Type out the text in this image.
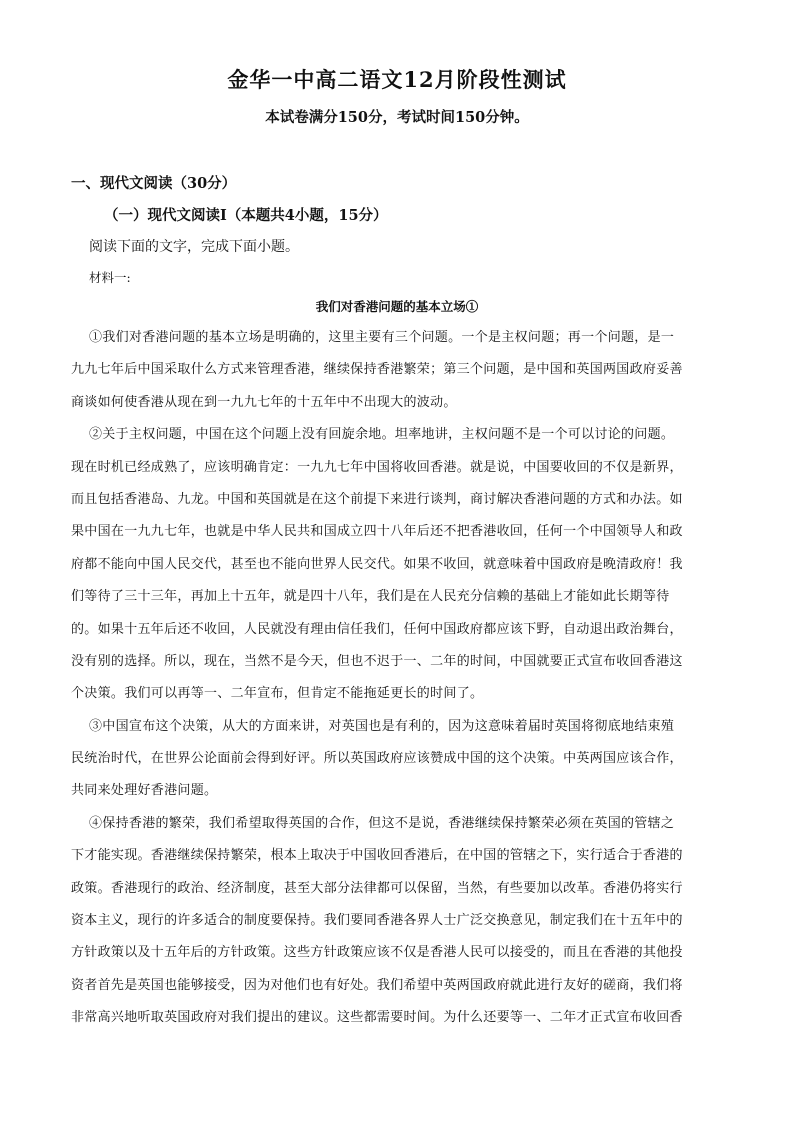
金华一中高二语文12月阶段性测试
本试卷满分150分，考试时间150分钟。
一、现代文阅读（30分）
（一）现代文阅读Ⅰ（本题共4小题，15分）
阅读下面的文字，完成下面小题。
材料一:
我们对香港问题的基本立场①
①我们对香港问题的基本立场是明确的，这里主要有三个问题。一个是主权问题；再一个问题，是一
九九七年后中国采取什么方式来管理香港，继续保持香港繁荣；第三个问题，是中国和英国两国政府妥善
商谈如何使香港从现在到一九九七年的十五年中不出现大的波动。
②关于主权问题，中国在这个问题上没有回旋余地。坦率地讲，主权问题不是一个可以讨论的问题。
现在时机已经成熟了，应该明确肯定：一九九七年中国将收回香港。就是说，中国要收回的不仅是新界，
而且包括香港岛、九龙。中国和英国就是在这个前提下来进行谈判，商讨解决香港问题的方式和办法。如
果中国在一九九七年，也就是中华人民共和国成立四十八年后还不把香港收回，任何一个中国领导人和政
府都不能向中国人民交代，甚至也不能向世界人民交代。如果不收回，就意味着中国政府是晚清政府！我
们等待了三十三年，再加上十五年，就是四十八年，我们是在人民充分信赖的基础上才能如此长期等待
的。如果十五年后还不收回，人民就没有理由信任我们，任何中国政府都应该下野，自动退出政治舞台，
没有别的选择。所以，现在，当然不是今天，但也不迟于一、二年的时间，中国就要正式宣布收回香港这
个决策。我们可以再等一、二年宣布，但肯定不能拖延更长的时间了。
③中国宣布这个决策，从大的方面来讲，对英国也是有利的，因为这意味着届时英国将彻底地结束殖
民统治时代，在世界公论面前会得到好评。所以英国政府应该赞成中国的这个决策。中英两国应该合作，
共同来处理好香港问题。
④保持香港的繁荣，我们希望取得英国的合作，但这不是说，香港继续保持繁荣必须在英国的管辖之
下才能实现。香港继续保持繁荣，根本上取决于中国收回香港后，在中国的管辖之下，实行适合于香港的
政策。香港现行的政治、经济制度，甚至大部分法律都可以保留，当然，有些要加以改革。香港仍将实行
资本主义，现行的许多适合的制度要保持。我们要同香港各界人士广泛交换意见，制定我们在十五年中的
方针政策以及十五年后的方针政策。这些方针政策应该不仅是香港人民可以接受的，而且在香港的其他投
资者首先是英国也能够接受，因为对他们也有好处。我们希望中英两国政府就此进行友好的磋商，我们将
非常高兴地听取英国政府对我们提出的建议。这些都需要时间。为什么还要等一、二年才正式宣布收回香
